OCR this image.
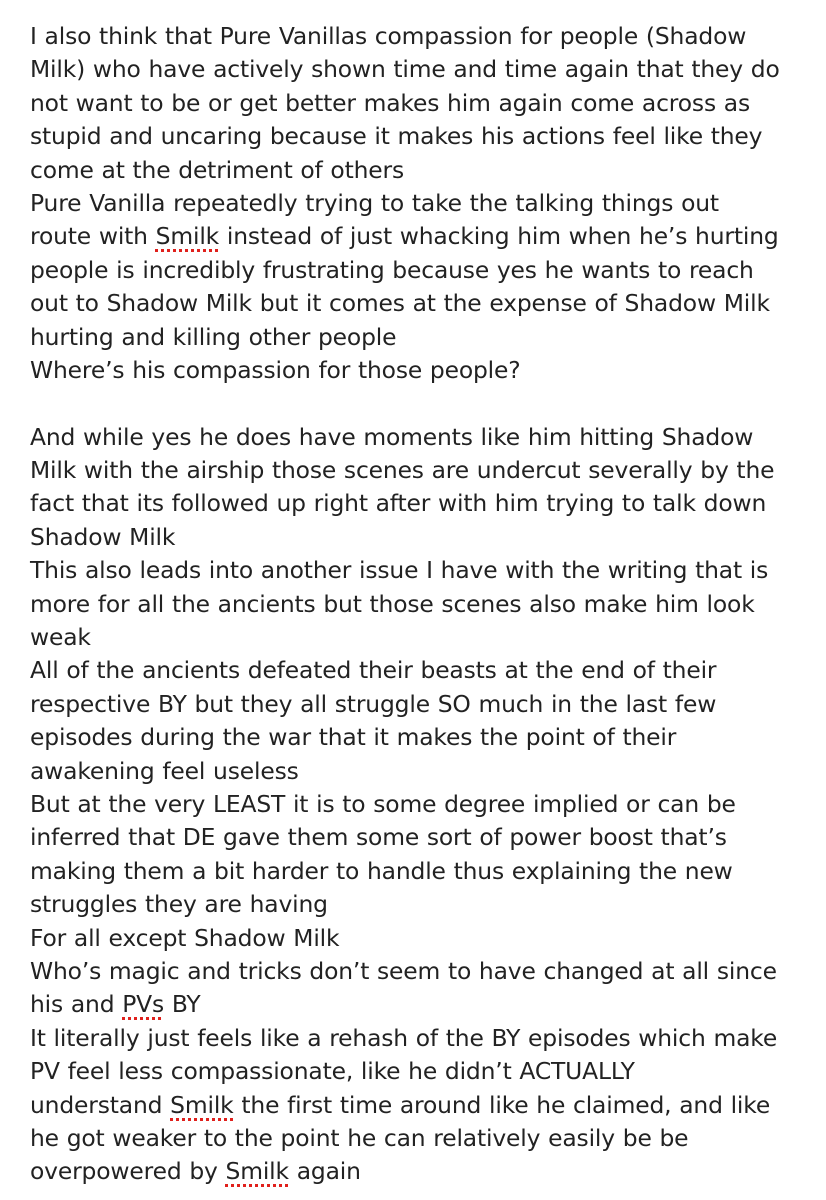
I also think that Pure Vanillas compassion for people (Shadow
Milk) who have actively shown time and time again that they do
not want to be or get better makes him again come across as
stupid and uncaring because it makes his actions feel like they
come at the detriment of others
Pure Vanilla repeatedly trying to take the talking things out
route with Smilk instead of just whacking him when he’s hurting
people is incredibly frustrating because yes he wants to reach
out to Shadow Milk but it comes at the expense of Shadow Milk
hurting and killing other people
Where’s his compassion for those people?
And while yes he does have moments like him hitting Shadow
Milk with the airship those scenes are undercut severally by the
fact that its followed up right after with him trying to talk down
Shadow Milk
This also leads into another issue I have with the writing that is
more for all the ancients but those scenes also make him look
weak
All of the ancients defeated their beasts at the end of their
respective BY but they all struggle SO much in the last few
episodes during the war that it makes the point of their
awakening feel useless
But at the very LEAST it is to some degree implied or can be
inferred that DE gave them some sort of power boost that’s
making them a bit harder to handle thus explaining the new
struggles they are having
For all except Shadow Milk
Who’s magic and tricks don’t seem to have changed at all since
his and PVs BY
It literally just feels like a rehash of the BY episodes which make
PV feel less compassionate, like he didn’t ACTUALLY
understand Smilk the first time around like he claimed, and like
he got weaker to the point he can relatively easily be be
overpowered by Smilk again
